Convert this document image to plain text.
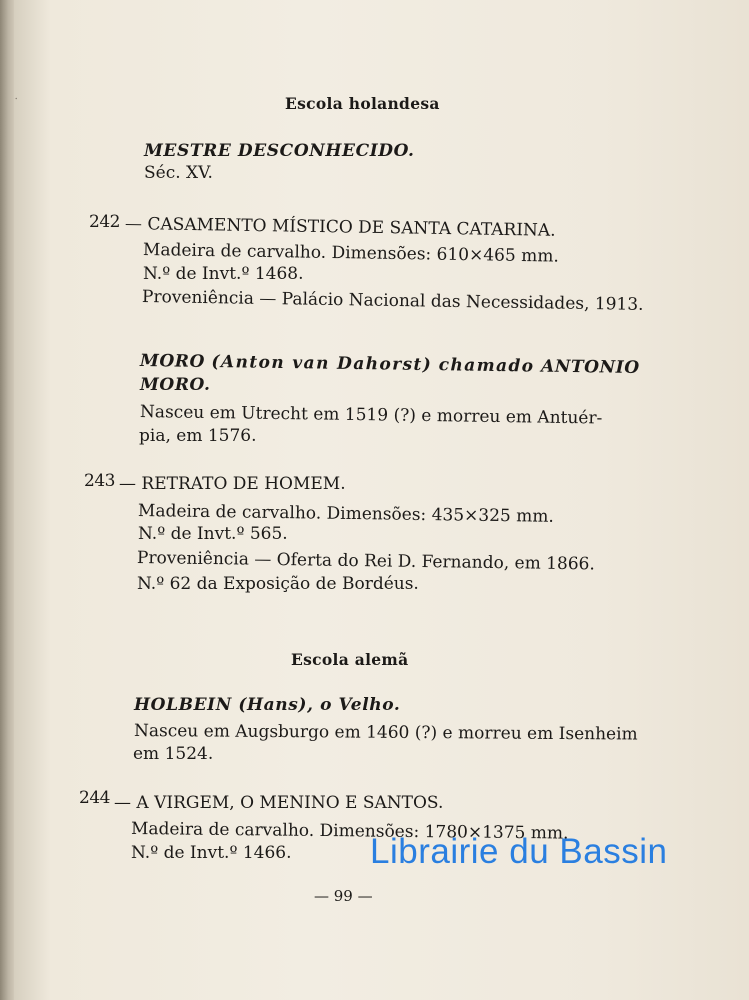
·	Escola holandesa
MESTRE DESCONHECIDO.
Séc. XV.
242 — CASAMENTO MÍSTICO DE SANTA CATARINA.
Madeira de carvalho. Dimensões: 610×465 mm.
N.º de Invt.º 1468.
Proveniência — Palácio Nacional das Necessidades, 1913.
MORO (Anton van Dahorst) chamado ANTONIO
MORO.
Nasceu em Utrecht em 1519 (?) e morreu em Antuér-
pia, em 1576.
243 — RETRATO DE HOMEM.
Madeira de carvalho. Dimensões: 435×325 mm.
N.º de Invt.º 565.
Proveniência — Oferta do Rei D. Fernando, em 1866.
N.º 62 da Exposição de Bordéus.
Escola alemã
HOLBEIN (Hans), o Velho.
Nasceu em Augsburgo em 1460 (?) e morreu em Isenheim
em 1524.
244 — A VIRGEM, O MENINO E SANTOS.
Madeira de carvalho. Dimensões: 1780×1375 mm.
N.º de Invt.º 1466.
— 99 —
Librairie du Bassin
